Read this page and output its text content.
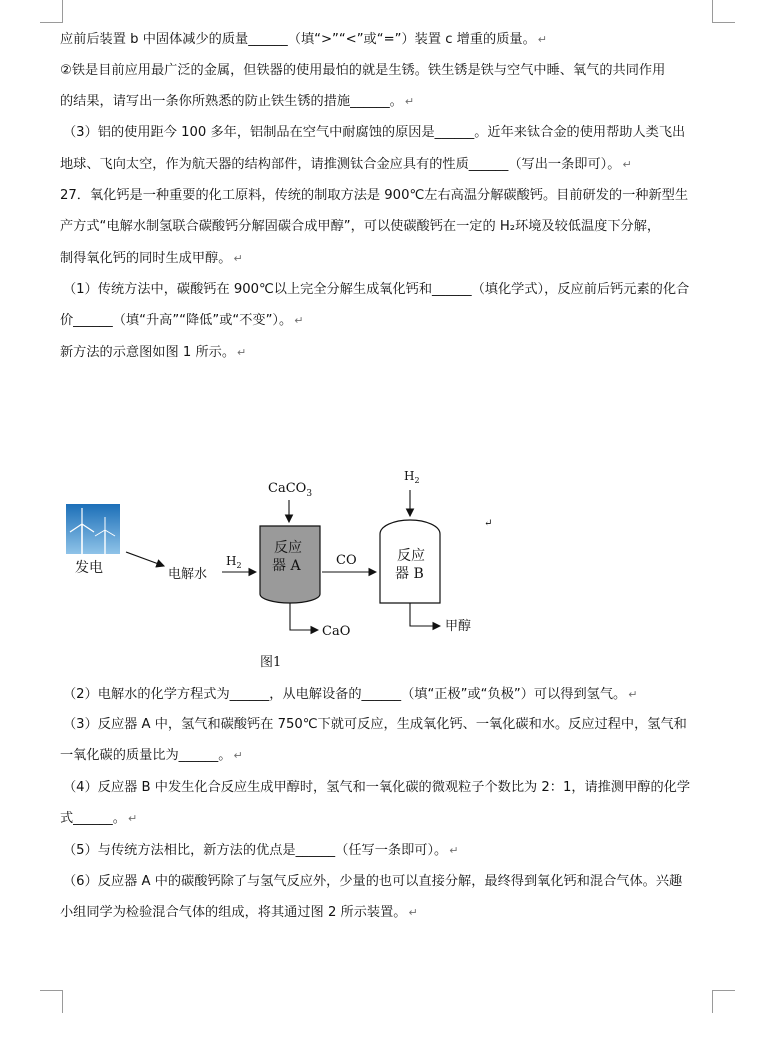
应前后装置 b 中固体减少的质量______（填“>”“<”或“=”）装置 c 增重的质量。 ↵
②铁是目前应用最广泛的金属，但铁器的使用最怕的就是生锈。铁生锈是铁与空气中睡、氧气的共同作用
的结果，请写出一条你所熟悉的防止铁生锈的措施______。 ↵
（3）铝的使用距今 100 多年，铝制品在空气中耐腐蚀的原因是______。近年来钛合金的使用帮助人类飞出
地球、飞向太空，作为航天器的结构部件，请推测钛合金应具有的性质______（写出一条即可）。 ↵
27．氧化钙是一种重要的化工原料，传统的制取方法是 900℃左右高温分解碳酸钙。目前研发的一种新型生
产方式“电解水制氢联合碳酸钙分解固碳合成甲醇”，可以使碳酸钙在一定的 H₂环境及较低温度下分解，
制得氧化钙的同时生成甲醇。 ↵
（1）传统方法中，碳酸钙在 900℃以上完全分解生成氧化钙和______（填化学式），反应前后钙元素的化合
价______（填“升高”“降低”或“不变”）。 ↵
新方法的示意图如图 1 所示。 ↵
发电	电解水
$H_2$
CaCO$_3$
反应
器 A
CaO
CO
$H_2$
反应
器 B
甲醇
↵
图1
（2）电解水的化学方程式为______，从电解设备的______（填“正极”或“负极”）可以得到氢气。 ↵
（3）反应器 A 中，氢气和碳酸钙在 750℃下就可反应，生成氧化钙、一氧化碳和水。反应过程中，氢气和
一氧化碳的质量比为______。 ↵
（4）反应器 B 中发生化合反应生成甲醇时，氢气和一氧化碳的微观粒子个数比为 2：1，请推测甲醇的化学
式______。 ↵
（5）与传统方法相比，新方法的优点是______（任写一条即可）。 ↵
（6）反应器 A 中的碳酸钙除了与氢气反应外，少量的也可以直接分解，最终得到氧化钙和混合气体。兴趣
小组同学为检验混合气体的组成，将其通过图 2 所示装置。 ↵
